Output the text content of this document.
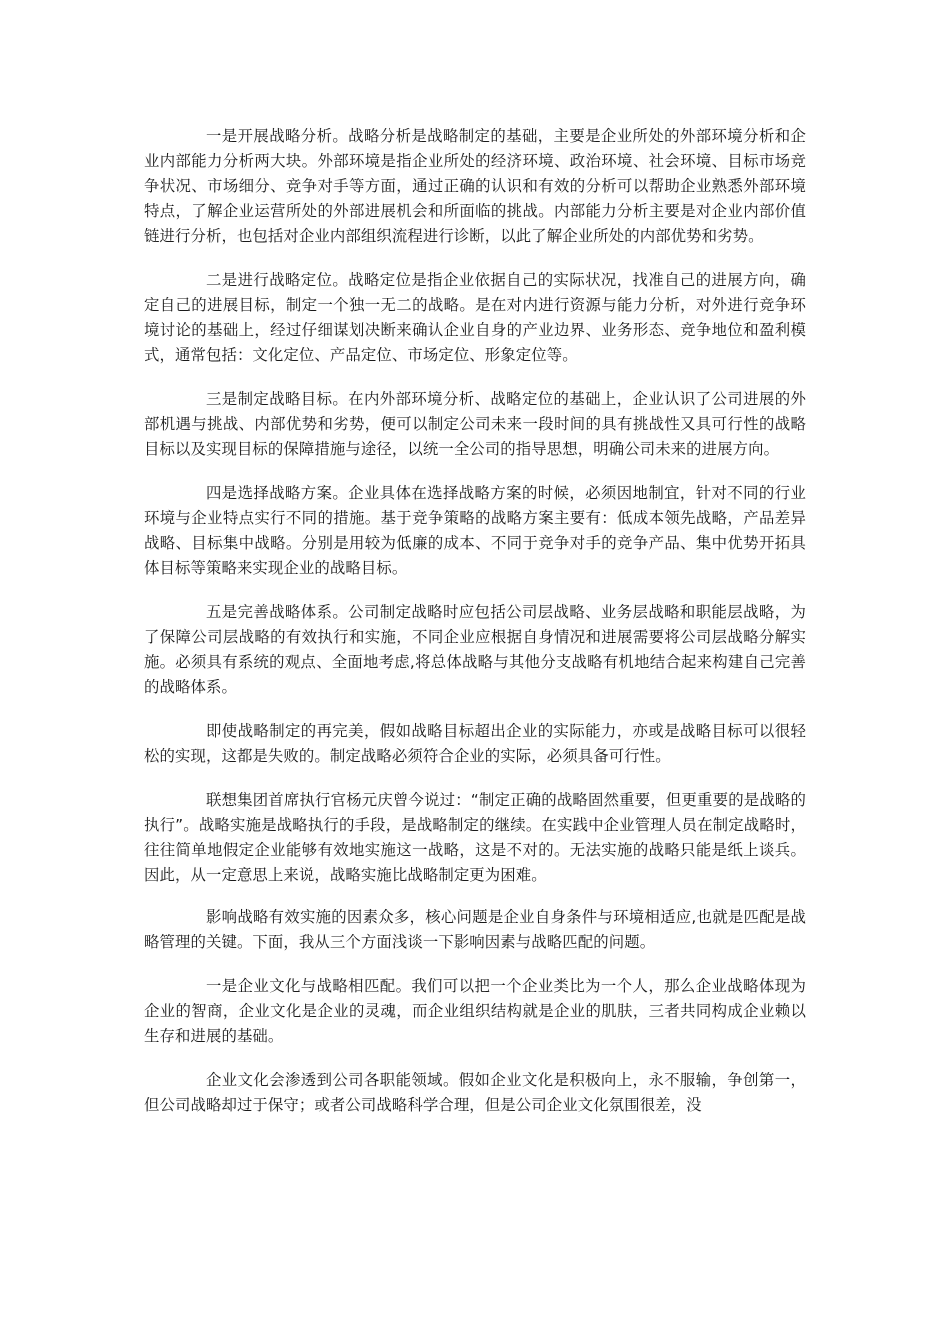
一是开展战略分析。战略分析是战略制定的基础，主要是企业所处的外部环境分析和企业内部能力分析两大块。外部环境是指企业所处的经济环境、政治环境、社会环境、目标市场竞争状况、市场细分、竞争对手等方面，通过正确的认识和有效的分析可以帮助企业熟悉外部环境特点，了解企业运营所处的外部进展机会和所面临的挑战。内部能力分析主要是对企业内部价值链进行分析，也包括对企业内部组织流程进行诊断，以此了解企业所处的内部优势和劣势。

二是进行战略定位。战略定位是指企业依据自己的实际状况，找准自己的进展方向，确定自己的进展目标，制定一个独一无二的战略。是在对内进行资源与能力分析，对外进行竞争环境讨论的基础上，经过仔细谋划决断来确认企业自身的产业边界、业务形态、竞争地位和盈利模式，通常包括：文化定位、产品定位、市场定位、形象定位等。

三是制定战略目标。在内外部环境分析、战略定位的基础上，企业认识了公司进展的外部机遇与挑战、内部优势和劣势，便可以制定公司未来一段时间的具有挑战性又具可行性的战略目标以及实现目标的保障措施与途径，以统一全公司的指导思想，明确公司未来的进展方向。

四是选择战略方案。企业具体在选择战略方案的时候，必须因地制宜，针对不同的行业环境与企业特点实行不同的措施。基于竞争策略的战略方案主要有：低成本领先战略，产品差异战略、目标集中战略。分别是用较为低廉的成本、不同于竞争对手的竞争产品、集中优势开拓具体目标等策略来实现企业的战略目标。

五是完善战略体系。公司制定战略时应包括公司层战略、业务层战略和职能层战略，为了保障公司层战略的有效执行和实施，不同企业应根据自身情况和进展需要将公司层战略分解实施。必须具有系统的观点、全面地考虑,将总体战略与其他分支战略有机地结合起来构建自己完善的战略体系。

即使战略制定的再完美，假如战略目标超出企业的实际能力，亦或是战略目标可以很轻松的实现，这都是失败的。制定战略必须符合企业的实际，必须具备可行性。

联想集团首席执行官杨元庆曾今说过：“制定正确的战略固然重要，但更重要的是战略的执行”。战略实施是战略执行的手段，是战略制定的继续。在实践中企业管理人员在制定战略时，往往简单地假定企业能够有效地实施这一战略，这是不对的。无法实施的战略只能是纸上谈兵。因此，从一定意思上来说，战略实施比战略制定更为困难。

影响战略有效实施的因素众多，核心问题是企业自身条件与环境相适应,也就是匹配是战略管理的关键。下面，我从三个方面浅谈一下影响因素与战略匹配的问题。

一是企业文化与战略相匹配。我们可以把一个企业类比为一个人，那么企业战略体现为企业的智商，企业文化是企业的灵魂，而企业组织结构就是企业的肌肤，三者共同构成企业赖以生存和进展的基础。

企业文化会渗透到公司各职能领域。假如企业文化是积极向上，永不服输，争创第一，但公司战略却过于保守；或者公司战略科学合理，但是公司企业文化氛围很差，没
